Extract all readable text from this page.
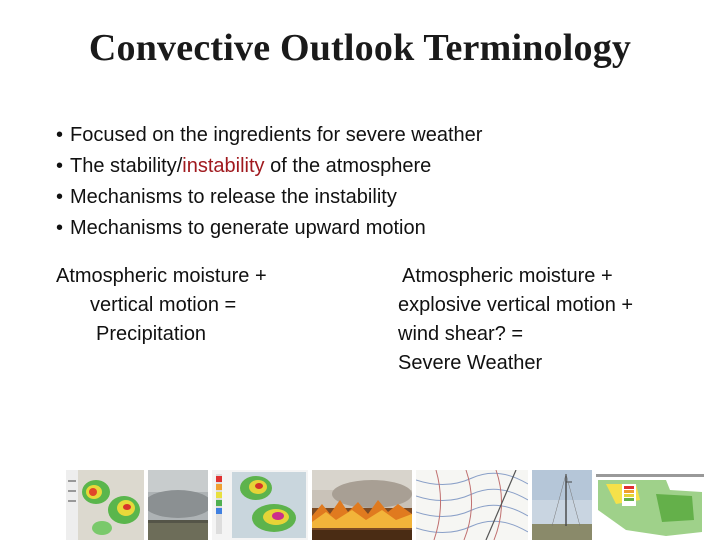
Convective Outlook Terminology
• Focused on the ingredients for severe weather
• The stability/instability of the atmosphere
• Mechanisms to release the instability
• Mechanisms to generate upward motion
Atmospheric moisture +
vertical motion =
Precipitation
Atmospheric moisture +
explosive vertical motion +
wind shear? =
Severe Weather
